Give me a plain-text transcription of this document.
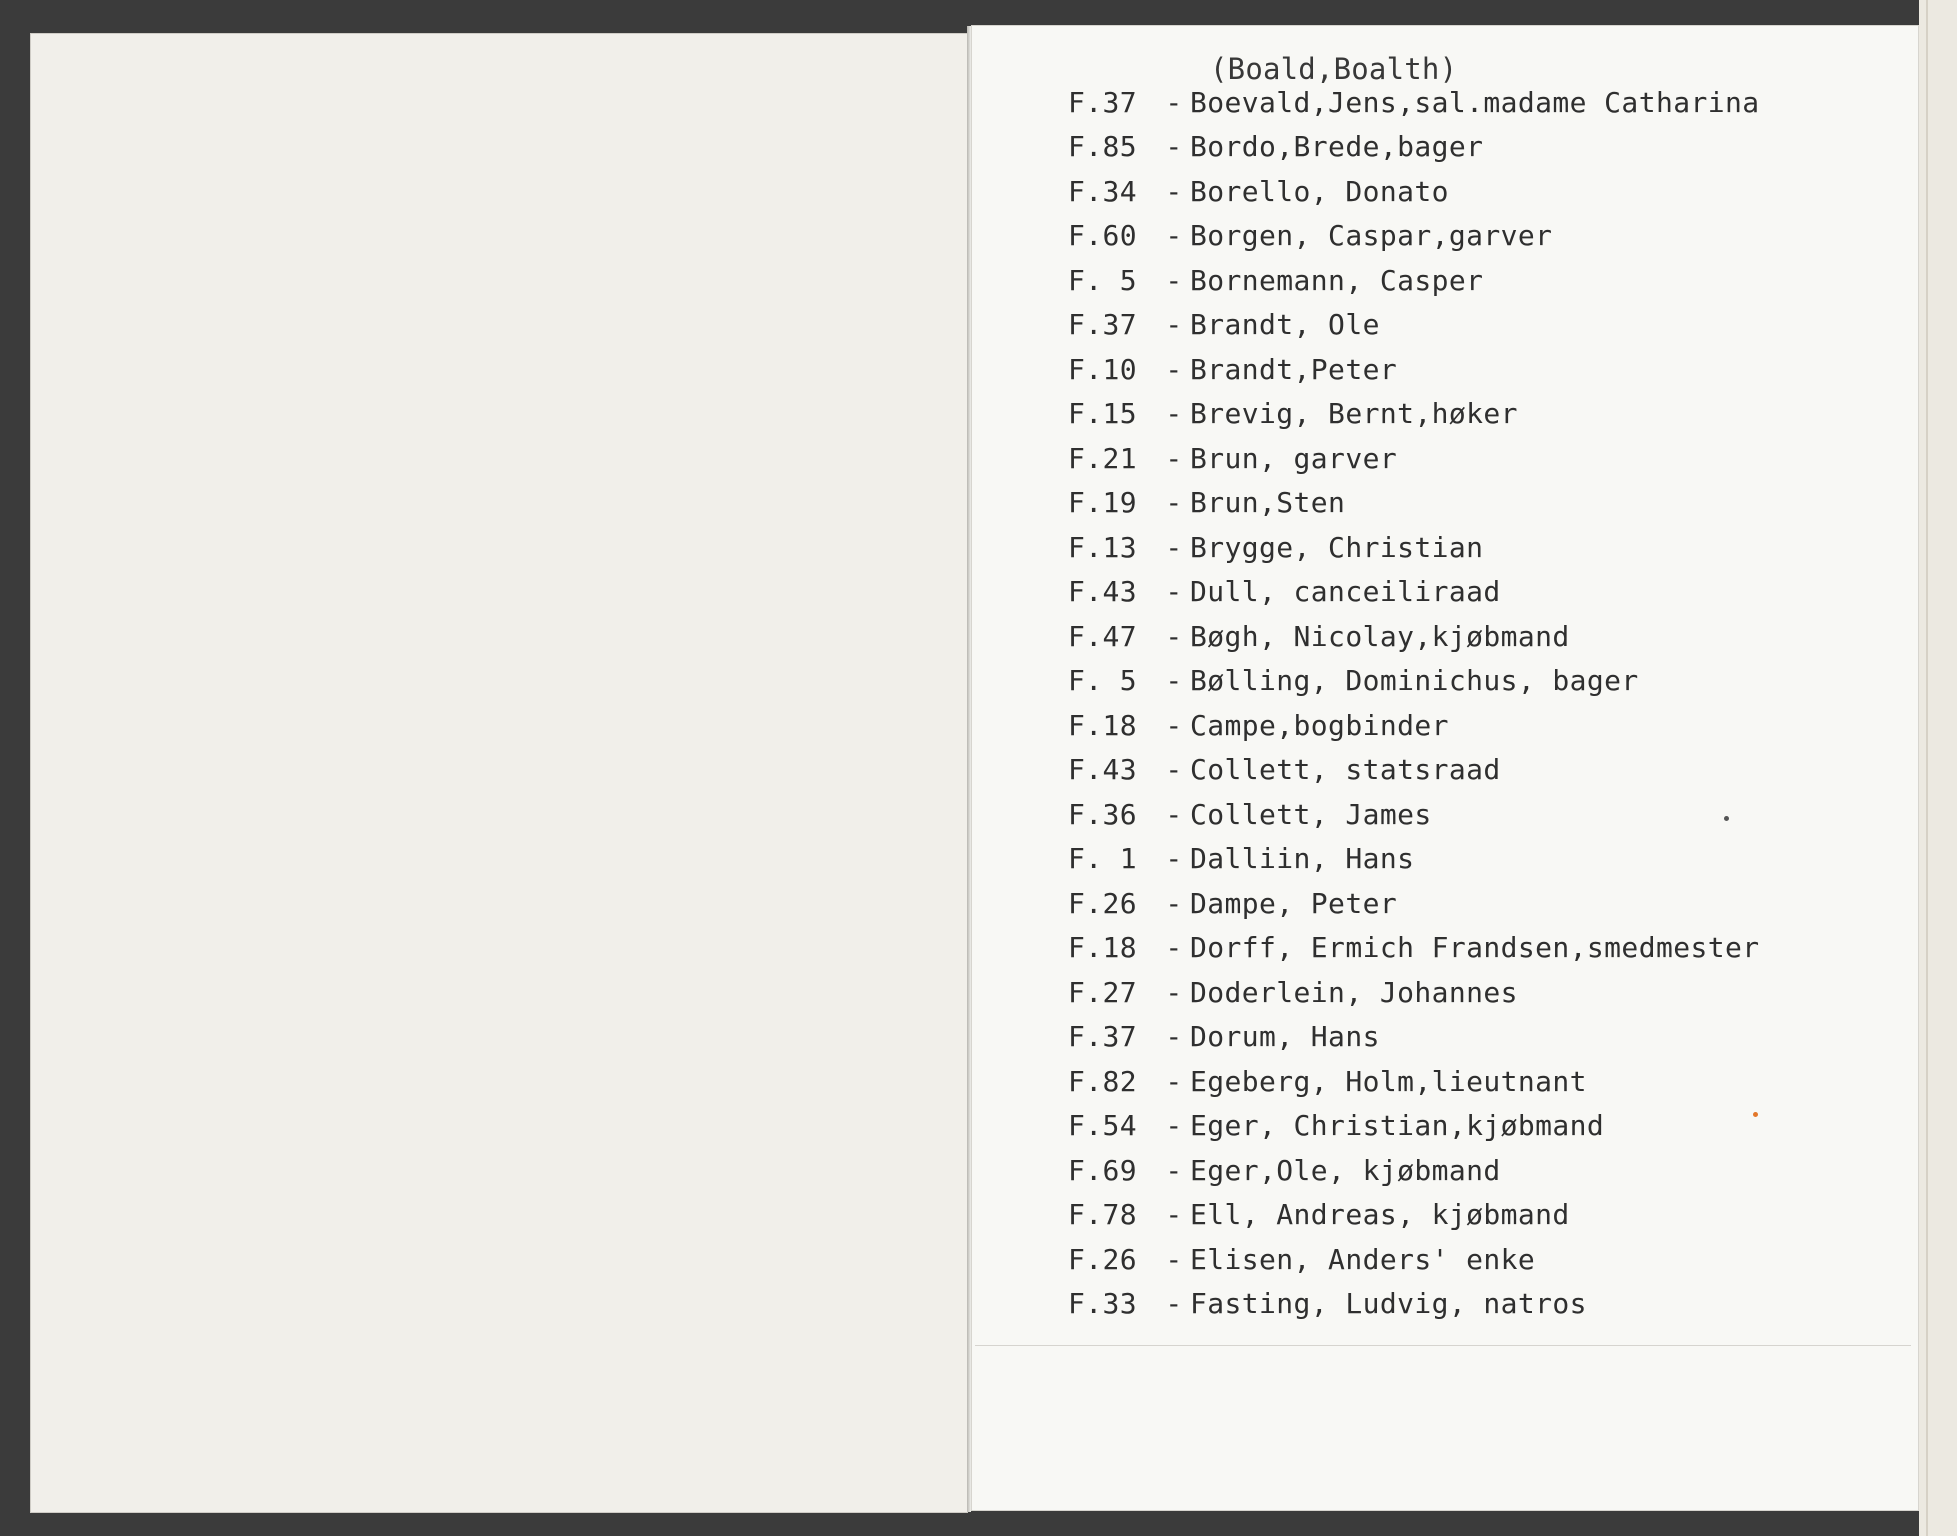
(Boald,Boalth)
F.37	- Boevald,Jens,sal.madame Catharina
F.85	- Bordo,Brede,bager
F.34	- Borello, Donato
F.60	- Borgen, Caspar,garver
F. 5	- Bornemann, Casper
F.37	- Brandt, Ole
F.10	- Brandt,Peter
F.15	- Brevig, Bernt,høker
F.21	- Brun, garver
F.19	- Brun,Sten
F.13	- Brygge, Christian
F.43	- Dull, canceiliraad
F.47	- Bøgh, Nicolay,kjøbmand
F. 5	- Bølling, Dominichus, bager
F.18	- Campe,bogbinder
F.43	- Collett, statsraad
F.36	- Collett, James
F. 1	- Dalliin, Hans
F.26	- Dampe, Peter
F.18	- Dorff, Ermich Frandsen,smedmester
F.27	- Doderlein, Johannes
F.37	- Dorum, Hans
F.82	- Egeberg, Holm,lieutnant
F.54	- Eger, Christian,kjøbmand
F.69	- Eger,Ole, kjøbmand
F.78	- Ell, Andreas, kjøbmand
F.26	- Elisen, Anders' enke
F.33	- Fasting, Ludvig, natros
